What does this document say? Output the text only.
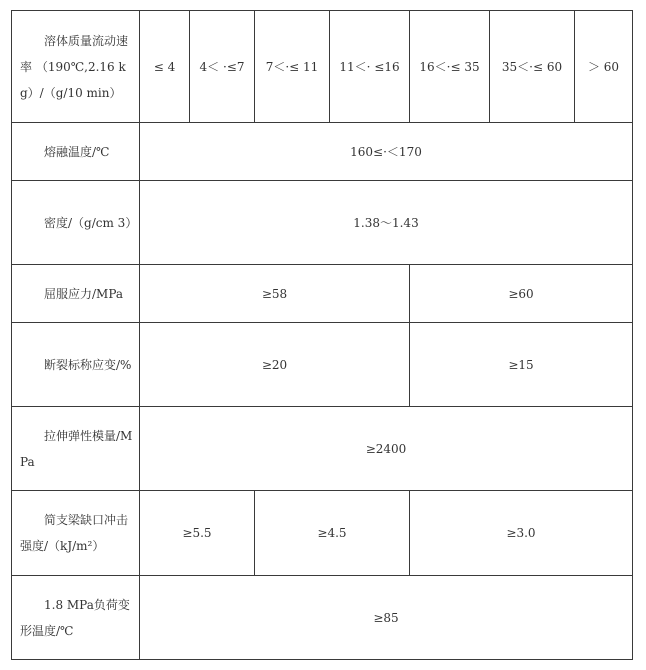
溶体质量流动速率 （190℃,2.16 kg）/（g/10 min）	≤ 4	4＜ ·≤7	7＜·≤ 11	11＜· ≤16	16＜·≤ 35	35＜·≤ 60	＞ 60

熔融温度/℃	160≤·＜170						

密度/（g/cm 3）	1.38～1.43						

屈服应力/MPa	≥58				≥60		

断裂标称应变/%	≥20				≥15		

拉伸弹性模量/MPa	≥2400						

简支梁缺口冲击强度/（kJ/m²）	≥5.5		≥4.5		≥3.0		

1.8 MPa负荷变形温度/℃	≥85						
